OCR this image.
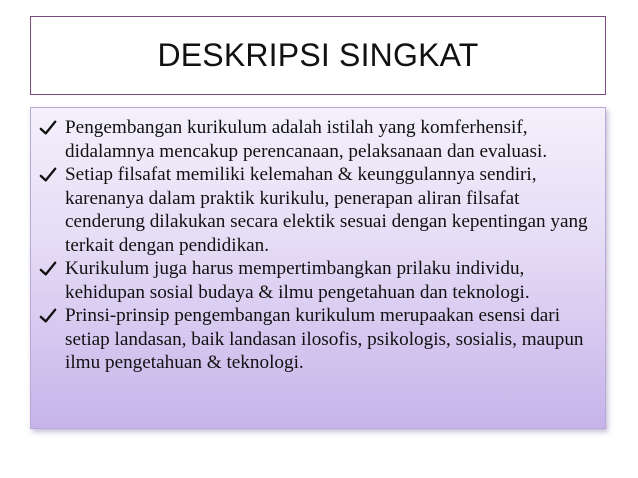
DESKRIPSI SINGKAT
Pengembangan kurikulum adalah istilah yang komferhensif, didalamnya mencakup perencanaan, pelaksanaan dan evaluasi.
Setiap filsafat memiliki kelemahan & keunggulannya sendiri, karenanya dalam praktik kurikulu, penerapan aliran filsafat cenderung dilakukan secara elektik sesuai dengan kepentingan yang terkait dengan pendidikan.
Kurikulum juga harus mempertimbangkan prilaku individu, kehidupan sosial budaya & ilmu pengetahuan dan teknologi.
Prinsi-prinsip pengembangan kurikulum merupaakan esensi dari setiap landasan, baik landasan ilosofis, psikologis, sosialis, maupun ilmu pengetahuan & teknologi.
